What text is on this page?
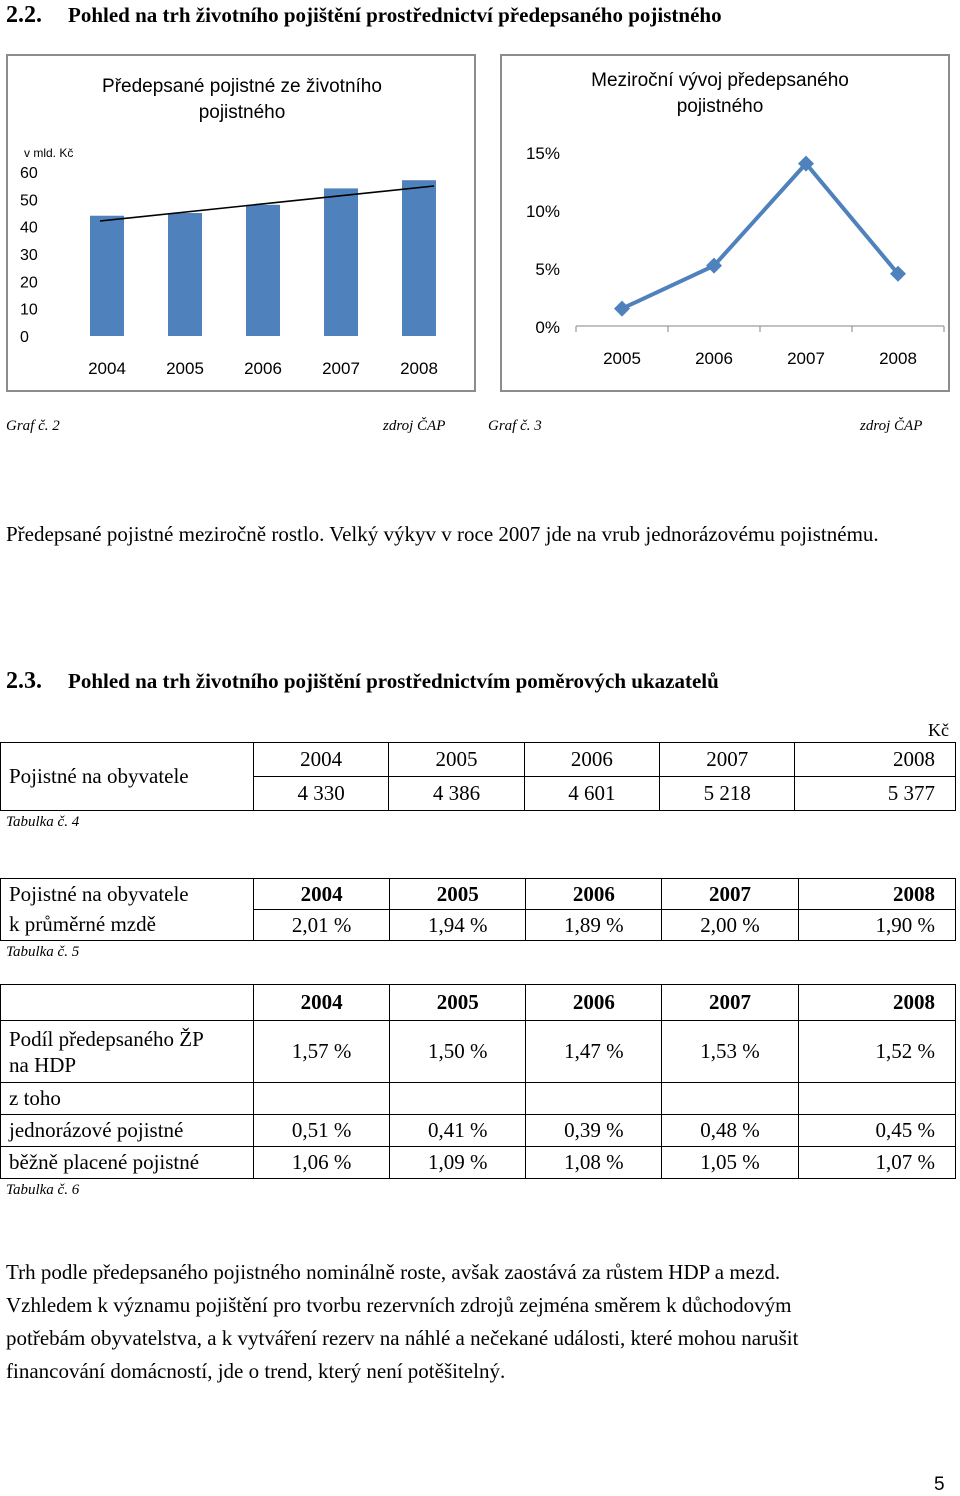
2.2. Pohled na trh životního pojištění prostřednictví předepsaného pojistného
Předepsané pojistné ze životního
pojistného
v mld. Kč
0
10
20
30
40
50
60
2004 2005 2006 2007 2008
Meziroční vývoj předepsaného
pojistného
0%
5%
10%
15%
2005	2006	2007	2008
Graf č. 2	zdroj ČAP	Graf č. 3	zdroj ČAP
Předepsané pojistné meziročně rostlo. Velký výkyv v roce 2007 jde na vrub jednorázovému pojistnému.
2.3. Pohled na trh životního pojištění prostřednictvím poměrových ukazatelů
Kč
Pojistné na obyvatele	2004	2005	2006	2007	2008
	4 330	4 386	4 601	5 218	5 377
Tabulka č. 4
Pojistné na obyvatele	2004	2005	2006	2007	2008
k průměrné mzdě	2,01 %	1,94 %	1,89 %	2,00 %	1,90 %
Tabulka č. 5
	2004	2005	2006	2007	2008
Podíl předepsaného ŽP
na HDP	1,57 %	1,50 %	1,47 %	1,53 %	1,52 %
z toho					
jednorázové pojistné	0,51 %	0,41 %	0,39 %	0,48 %	0,45 %
běžně placené pojistné	1,06 %	1,09 %	1,08 %	1,05 %	1,07 %
Tabulka č. 6
Trh podle předepsaného pojistného nominálně roste, avšak zaostává za růstem HDP a mezd.
Vzhledem k významu pojištění pro tvorbu rezervních zdrojů zejména směrem k důchodovým
potřebám obyvatelstva, a k vytváření rezerv na náhlé a nečekané události, které mohou narušit
financování domácností, jde o trend, který není potěšitelný.
5
